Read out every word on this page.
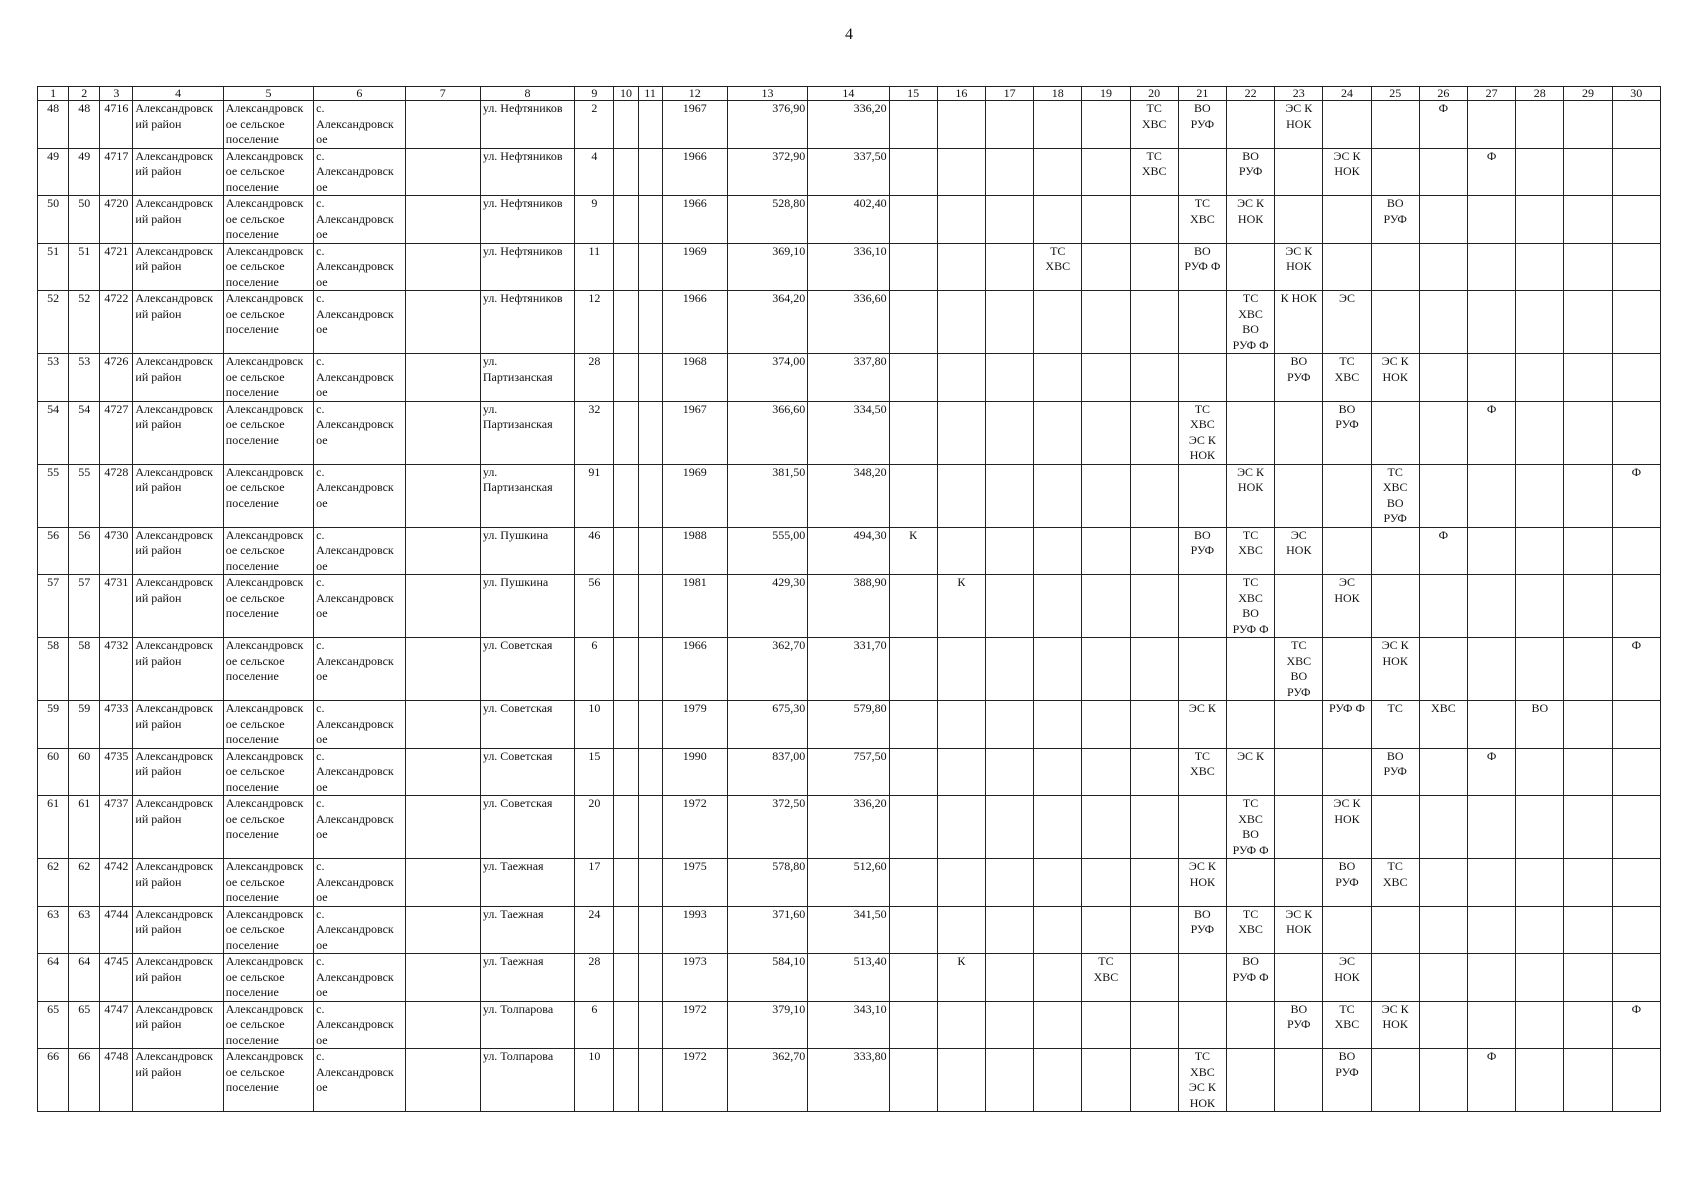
4
1	2	3	4	5	6	7	8	9	10	11	12	13	14	15	16	17	18	19	20	21	22	23	24	25	26	27	28	29	30
48	48	4716	Александровск
ий район	Александровск
ое сельское
поселение	с.
Александровск
ое		ул. Нефтяников	2			1967	376,90	336,20						ТС
ХВС	ВО
РУФ		ЭС К
НОК			Ф				
49	49	4717	Александровск
ий район	Александровск
ое сельское
поселение	с.
Александровск
ое		ул. Нефтяников	4			1966	372,90	337,50						ТС
ХВС		ВО
РУФ		ЭС К
НОК			Ф			
50	50	4720	Александровск
ий район	Александровск
ое сельское
поселение	с.
Александровск
ое		ул. Нефтяников	9			1966	528,80	402,40							ТС
ХВС	ЭС К
НОК			ВО
РУФ					
51	51	4721	Александровск
ий район	Александровск
ое сельское
поселение	с.
Александровск
ое		ул. Нефтяников	11			1969	369,10	336,10				ТС
ХВС			ВО
РУФ Ф		ЭС К
НОК							
52	52	4722	Александровск
ий район	Александровск
ое сельское
поселение	с.
Александровск
ое		ул. Нефтяников	12			1966	364,20	336,60								ТС
ХВС
ВО
РУФ Ф	К НОК	ЭС						
53	53	4726	Александровск
ий район	Александровск
ое сельское
поселение	с.
Александровск
ое		ул.
Партизанская	28			1968	374,00	337,80									ВО
РУФ	ТС
ХВС	ЭС К
НОК					
54	54	4727	Александровск
ий район	Александровск
ое сельское
поселение	с.
Александровск
ое		ул.
Партизанская	32			1967	366,60	334,50							ТС
ХВС
ЭС К
НОК			ВО
РУФ			Ф			
55	55	4728	Александровск
ий район	Александровск
ое сельское
поселение	с.
Александровск
ое		ул.
Партизанская	91			1969	381,50	348,20								ЭС К
НОК			ТС
ХВС
ВО
РУФ					Ф
56	56	4730	Александровск
ий район	Александровск
ое сельское
поселение	с.
Александровск
ое		ул. Пушкина	46			1988	555,00	494,30	К						ВО
РУФ	ТС
ХВС	ЭС
НОК			Ф				
57	57	4731	Александровск
ий район	Александровск
ое сельское
поселение	с.
Александровск
ое		ул. Пушкина	56			1981	429,30	388,90		К						ТС
ХВС
ВО
РУФ Ф		ЭС
НОК						
58	58	4732	Александровск
ий район	Александровск
ое сельское
поселение	с.
Александровск
ое		ул. Советская	6			1966	362,70	331,70									ТС
ХВС
ВО
РУФ		ЭС К
НОК					Ф
59	59	4733	Александровск
ий район	Александровск
ое сельское
поселение	с.
Александровск
ое		ул. Советская	10			1979	675,30	579,80							ЭС К			РУФ Ф	ТС	ХВС		ВО		
60	60	4735	Александровск
ий район	Александровск
ое сельское
поселение	с.
Александровск
ое		ул. Советская	15			1990	837,00	757,50							ТС
ХВС	ЭС К			ВО
РУФ		Ф			
61	61	4737	Александровск
ий район	Александровск
ое сельское
поселение	с.
Александровск
ое		ул. Советская	20			1972	372,50	336,20								ТС
ХВС
ВО
РУФ Ф		ЭС К
НОК						
62	62	4742	Александровск
ий район	Александровск
ое сельское
поселение	с.
Александровск
ое		ул. Таежная	17			1975	578,80	512,60							ЭС К
НОК			ВО
РУФ	ТС
ХВС					
63	63	4744	Александровск
ий район	Александровск
ое сельское
поселение	с.
Александровск
ое		ул. Таежная	24			1993	371,60	341,50							ВО
РУФ	ТС
ХВС	ЭС К
НОК							
64	64	4745	Александровск
ий район	Александровск
ое сельское
поселение	с.
Александровск
ое		ул. Таежная	28			1973	584,10	513,40		К			ТС
ХВС			ВО
РУФ Ф		ЭС
НОК						
65	65	4747	Александровск
ий район	Александровск
ое сельское
поселение	с.
Александровск
ое		ул. Толпарова	6			1972	379,10	343,10									ВО
РУФ	ТС
ХВС	ЭС К
НОК					Ф
66	66	4748	Александровск
ий район	Александровск
ое сельское
поселение	с.
Александровск
ое		ул. Толпарова	10			1972	362,70	333,80							ТС
ХВС
ЭС К
НОК			ВО
РУФ			Ф			
